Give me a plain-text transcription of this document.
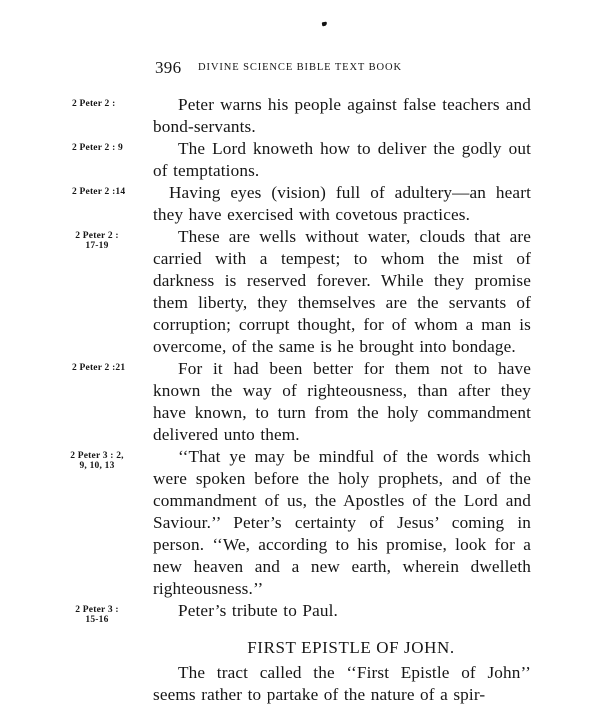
396 DIVINE SCIENCE BIBLE TEXT BOOK
2 Peter 2 :	Peter warns his people against false teachers and bond-servants.

2 Peter 2 : 9	The Lord knoweth how to deliver the godly out of temptations.

2 Peter 2 :14	Having eyes (vision) full of adultery—an heart they have exercised with covetous practices.

2 Peter 2 :
17-19	These are wells without water, clouds that are carried with a tempest; to whom the mist of darkness is reserved forever. While they promise them liberty, they themselves are the servants of corruption; corrupt thought, for of whom a man is overcome, of the same is he brought into bondage.

2 Peter 2 :21	For it had been better for them not to have known the way of righteousness, than after they have known, to turn from the holy commandment delivered unto them.

2 Peter 3 : 2,
9, 10, 13	‘‘That ye may be mindful of the words which were spoken before the holy prophets, and of the commandment of us, the Apostles of the Lord and Saviour.’’ Peter’s certainty of Jesus’ coming in person. ‘‘We, according to his promise, look for a new heaven and a new earth, wherein dwelleth righteousness.’’

2 Peter 3 :
15-16	Peter’s tribute to Paul.

FIRST EPISTLE OF JOHN.

The tract called the ‘‘First Epistle of John’’ seems rather to partake of the nature of a spir-
